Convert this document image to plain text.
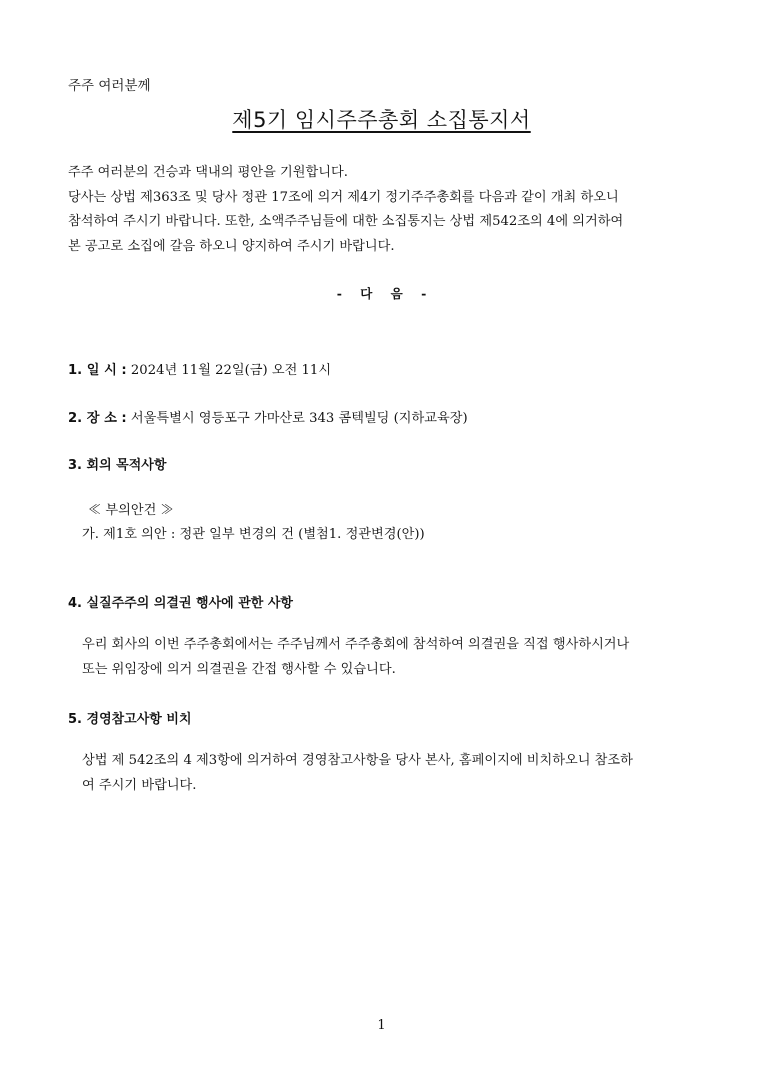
주주 여러분께
제5기 임시주주총회 소집통지서
주주 여러분의 건승과 댁내의 평안을 기원합니다.
당사는 상법 제363조 및 당사 정관 17조에 의거 제4기 정기주주총회를 다음과 같이 개최 하오니
참석하여 주시기 바랍니다. 또한, 소액주주님들에 대한 소집통지는 상법 제542조의 4에 의거하여
본 공고로 소집에 갈음 하오니 양지하여 주시기 바랍니다.
- 다 음 -
1. 일 시 : 2024년 11월 22일(금) 오전 11시
2. 장 소 : 서울특별시 영등포구 가마산로 343 콤텍빌딩 (지하교육장)
3. 회의 목적사항
≪ 부의안건 ≫
가. 제1호 의안 : 정관 일부 변경의 건 (별첨1. 정관변경(안))
4. 실질주주의 의결권 행사에 관한 사항
우리 회사의 이번 주주총회에서는 주주님께서 주주총회에 참석하여 의결권을 직접 행사하시거나
또는 위임장에 의거 의결권을 간접 행사할 수 있습니다.
5. 경영참고사항 비치
상법 제 542조의 4 제3항에 의거하여 경영참고사항을 당사 본사, 홈페이지에 비치하오니 참조하
여 주시기 바랍니다.
1
